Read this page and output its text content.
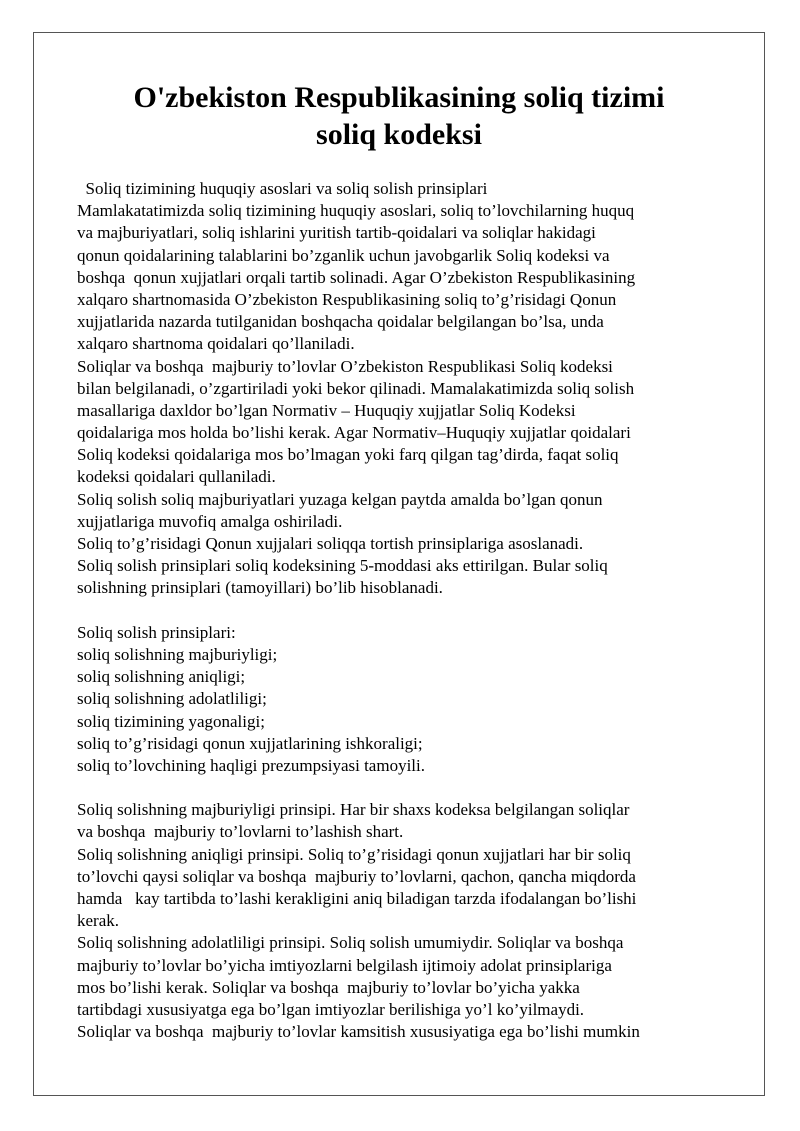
O'zbekiston Respublikasining soliq tizimi
soliq kodeksi
Soliq tizimining huquqiy asoslari va soliq solish prinsiplari
Mamlakatatimizda soliq tizimining huquqiy asoslari, soliq to’lovchilarning huquq
va majburiyatlari, soliq ishlarini yuritish tartib-qoidalari va soliqlar hakidagi
qonun qoidalarining talablarini bo’zganlik uchun javobgarlik Soliq kodeksi va
boshqa  qonun xujjatlari orqali tartib solinadi. Agar O’zbekiston Respublikasining
xalqaro shartnomasida O’zbekiston Respublikasining soliq to’g’risidagi Qonun
xujjatlarida nazarda tutilganidan boshqacha qoidalar belgilangan bo’lsa, unda
xalqaro shartnoma qoidalari qo’llaniladi.
Soliqlar va boshqa  majburiy to’lovlar O’zbekiston Respublikasi Soliq kodeksi
bilan belgilanadi, o’zgartiriladi yoki bekor qilinadi. Mamalakatimizda soliq solish
masallariga daxldor bo’lgan Normativ – Huquqiy xujjatlar Soliq Kodeksi
qoidalariga mos holda bo’lishi kerak. Agar Normativ–Huquqiy xujjatlar qoidalari
Soliq kodeksi qoidalariga mos bo’lmagan yoki farq qilgan tag’dirda, faqat soliq
kodeksi qoidalari qullaniladi.
Soliq solish soliq majburiyatlari yuzaga kelgan paytda amalda bo’lgan qonun
xujjatlariga muvofiq amalga oshiriladi.
Soliq to’g’risidagi Qonun xujjalari soliqqa tortish prinsiplariga asoslanadi.
Soliq solish prinsiplari soliq kodeksining 5-moddasi aks ettirilgan. Bular soliq
solishning prinsiplari (tamoyillari) bo’lib hisoblanadi.
Soliq solish prinsiplari:
soliq solishning majburiyligi;
soliq solishning aniqligi;
soliq solishning adolatliligi;
soliq tizimining yagonaligi;
soliq to’g’risidagi qonun xujjatlarining ishkoraligi;
soliq to’lovchining haqligi prezumpsiyasi tamoyili.
Soliq solishning majburiyligi prinsipi. Har bir shaxs kodeksa belgilangan soliqlar
va boshqa  majburiy to’lovlarni to’lashish shart.
Soliq solishning aniqligi prinsipi. Soliq to’g’risidagi qonun xujjatlari har bir soliq
to’lovchi qaysi soliqlar va boshqa  majburiy to’lovlarni, qachon, qancha miqdorda
hamda   kay tartibda to’lashi kerakligini aniq biladigan tarzda ifodalangan bo’lishi
kerak.
Soliq solishning adolatliligi prinsipi. Soliq solish umumiydir. Soliqlar va boshqa
majburiy to’lovlar bo’yicha imtiyozlarni belgilash ijtimoiy adolat prinsiplariga
mos bo’lishi kerak. Soliqlar va boshqa  majburiy to’lovlar bo’yicha yakka
tartibdagi xususiyatga ega bo’lgan imtiyozlar berilishiga yo’l ko’yilmaydi.
Soliqlar va boshqa  majburiy to’lovlar kamsitish xususiyatiga ega bo’lishi mumkin
